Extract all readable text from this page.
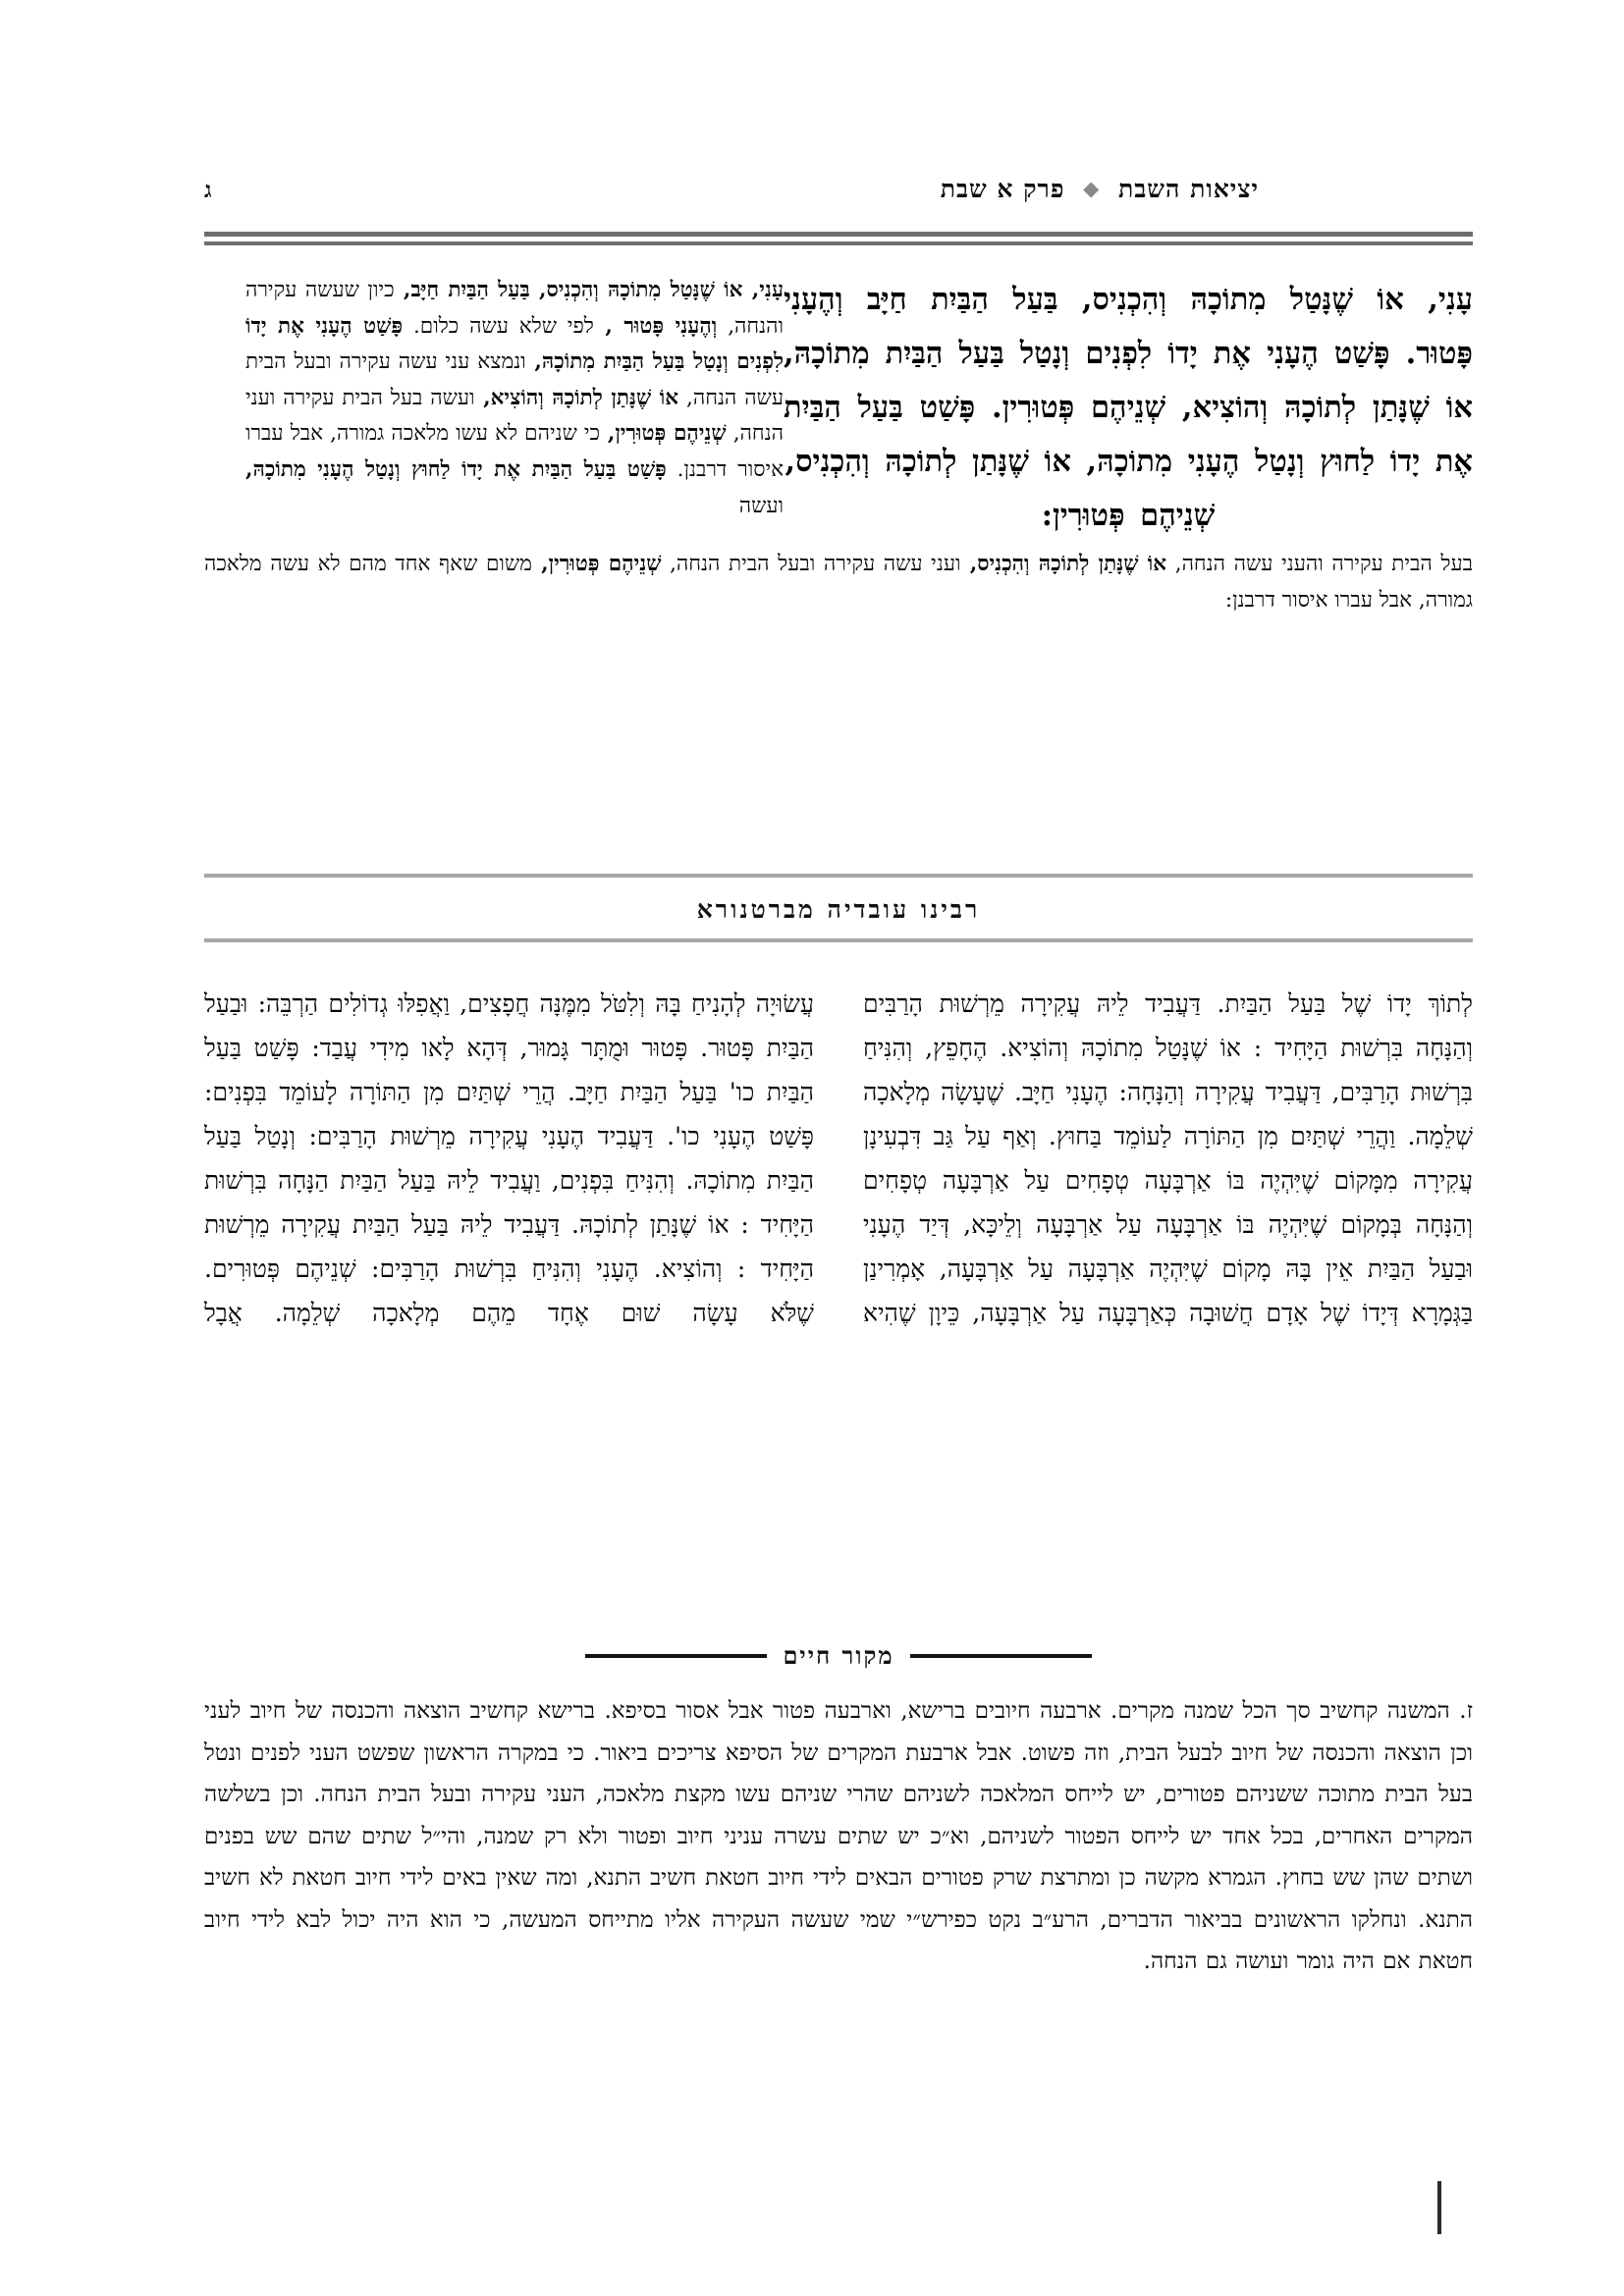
יציאות השבת ◆ פרק א שבת
ג
עָנִי, אוֹ שֶׁנָּטַל מִתוֹכָהּ וְהִכְנִיס, בַּעַל הַבַּיִת חַיָּב וְהֶעָנִי פָּטוּר. פָּשַׁט הֶעָנִי אֶת יָדוֹ לִפְנִים וְנָטַל בַּעַל הַבַּיִת מִתוֹכָהּ, אוֹ שֶׁנָּתַן לְתוֹכָהּ וְהוֹצִיא, שְׁנֵיהֶם פְּטוּרִין. פָּשַׁט בַּעַל הַבַּיִת אֶת יָדוֹ לַחוּץ וְנָטַל הֶעָנִי מִתוֹכָהּ, אוֹ שֶׁנָּתַן לְתוֹכָהּ וְהִכְנִיס,
שְׁנֵיהֶם פְּטוּרִין:
עָנִי, אוֹ שֶׁנָּטַל מִתוֹכָהּ וְהִכְנִיס, בַּעַל הַבַּיִת חַיָּב, כיון שעשה עקירה והנחה, וְהֶעָנִי פָּטוּר , לפי שלא עשה כלום. פָּשַׁט הֶעָנִי אֶת יָדוֹ לִפְנִים וְנָטַל בַּעַל הַבַּיִת מִתוֹכָהּ, ונמצא עני עשה עקירה ובעל הבית עשה הנחה, אוֹ שֶׁנָּתַן לְתוֹכָהּ וְהוֹצִיא, ועשה בעל הבית עקירה ועני הנחה, שְׁנֵיהֶם פְּטוּרִין, כי שניהם לא עשו מלאכה גמורה, אבל עברו איסור דרבנן. פָּשַׁט בַּעַל הַבַּיִת אֶת יָדוֹ לַחוּץ וְנָטַל הֶעָנִי מִתוֹכָהּ, ועשה
בעל הבית עקירה והעני עשה הנחה, אוֹ שֶׁנָּתַן לְתוֹכָהּ וְהִכְנִיס, ועני עשה עקירה ובעל הבית הנחה, שְׁנֵיהֶם פְּטוּרִין, משום שאף אחד מהם לא עשה מלאכה גמורה, אבל עברו איסור דרבנן:
רבינו עובדיה מברטנורא
לְתוֹךְ יָדוֹ שֶׁל בַּעַל הַבַּיִת. דַּעֲבִיד לֵיהּ עֲקִירָה מֵרְשׁוּת הָרַבִּים וְהַנָּחָה בִּרְשׁוּת הַיָּחִיד : אוֹ שֶׁנָּטַל מִתוֹכָהּ וְהוֹצִיא. הֶחָפֵץ, וְהִנִּיחַ בִּרְשׁוּת הָרַבִּים, דַּעֲבִיד עֲקִירָה וְהַנָּחָה: הֶעָנִי חַיָּב. שֶׁעָשָׂה מְלָאכָה שְׁלֵמָה. וַהֲרֵי שְׁתַּיִם מִן הַתּוֹרָה לַעוֹמֵד בַּחוּץ. וְאַף עַל גַּב דִּבְעִינָן עֲקִירָה מִמָּקוֹם שֶׁיִּהְיֶה בּוֹ אַרְבָּעָה טְפָחִים עַל אַרְבָּעָה טְפָחִים וְהַנָּחָה בְּמָקוֹם שֶׁיִּהְיֶה בּוֹ אַרְבָּעָה עַל אַרְבָּעָה וְלֵיכָּא, דְּיַד הֶעָנִי וּבַעַל הַבַּיִת אֵין בָּהּ מָקוֹם שֶׁיִּהְיֶה אַרְבָּעָה עַל אַרְבָּעָה, אָמְרִינַן בַּגְּמָרָא דְּיָדוֹ שֶׁל אָדָם חֲשׁוּבָה כְּאַרְבָּעָה עַל אַרְבָּעָה, כֵּיוָן שֶׁהִיא
עֲשׂוּיָה לְהָנִיחַ בָּהּ וְלִטֹּל מִמֶּנָּה חֲפָצִים, וַאֲפִלּוּ גְדוֹלִים הַרְבֵּה: וּבַעַל הַבַּיִת פָּטוּר. פָּטוּר וּמֻתָּר גָּמוּר, דְּהָא לָאו מִידִי עֲבַד: פָּשַׁט בַּעַל הַבַּיִת כו' בַּעַל הַבַּיִת חַיָּב. הֲרֵי שְׁתַּיִם מִן הַתּוֹרָה לָעוֹמֵד בִּפְנִים: פָּשַׁט הֶעָנִי כו'. דַּעֲבִיד הֶעָנִי עֲקִירָה מֵרְשׁוּת הָרַבִּים: וְנָטַל בַּעַל הַבַּיִת מִתוֹכָהּ. וְהִנִּיחַ בִּפְנִים, וַעֲבִיד לֵיהּ בַּעַל הַבַּיִת הַנָּחָה בִּרְשׁוּת הַיָּחִיד : אוֹ שֶׁנָּתַן לְתוֹכָהּ. דַּעֲבִיד לֵיהּ בַּעַל הַבַּיִת עֲקִירָה מֵרְשׁוּת הַיָּחִיד : וְהוֹצִיא. הֶעָנִי וְהִנִּיחַ בִּרְשׁוּת הָרַבִּים: שְׁנֵיהֶם פְּטוּרִים. שֶׁלֹּא עָשָׂה שׁוּם אֶחָד מֵהֶם מְלָאכָה שְׁלֵמָה. אֲבָל
מקור חיים

ז. המשנה קחשיב סך הכל שמנה מקרים. ארבעה חיובים ברישא, וארבעה פטור אבל אסור בסיפא. ברישא קחשיב הוצאה והכנסה של חיוב לעני וכן הוצאה והכנסה של חיוב לבעל הבית, וזה פשוט. אבל ארבעת המקרים של הסיפא צריכים ביאור. כי במקרה הראשון שפשט העני לפנים ונטל בעל הבית מתוכה ששניהם פטורים, יש לייחס המלאכה לשניהם שהרי שניהם עשו מקצת מלאכה, העני עקירה ובעל הבית הנחה. וכן בשלשה המקרים האחרים, בכל אחד יש לייחס הפטור לשניהם, וא״כ יש שתים עשרה עניני חיוב ופטור ולא רק שמנה, והי״ל שתים שהם שש בפנים ושתים שהן שש בחוץ. הגמרא מקשה כן ומתרצת שרק פטורים הבאים לידי חיוב חטאת חשיב התנא, ומה שאין באים לידי חיוב חטאת לא חשיב התנא. ונחלקו הראשונים בביאור הדברים, הרע״ב נקט כפירש״י שמי שעשה העקירה אליו מתייחס המעשה, כי הוא היה יכול לבא לידי חיוב חטאת אם היה גומר ועושה גם הנחה.
